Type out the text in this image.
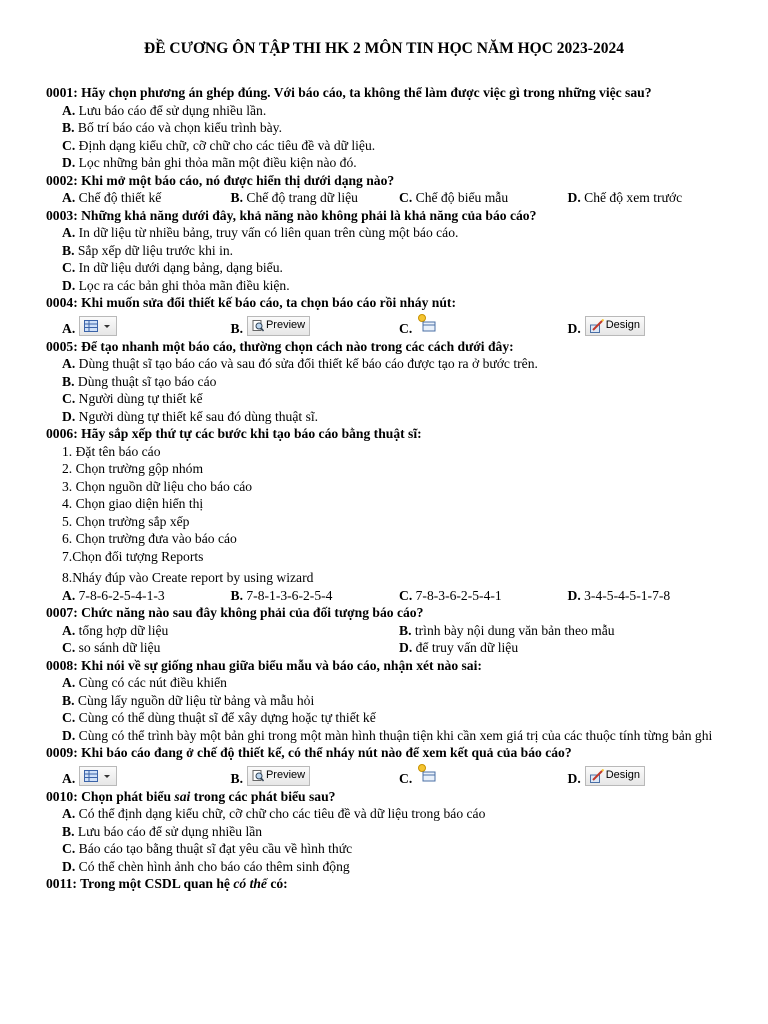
ĐỀ CƯƠNG ÔN TẬP THI HK 2 MÔN TIN HỌC NĂM HỌC 2023-2024
0001: Hãy chọn phương án ghép đúng. Với báo cáo, ta không thể làm được việc gì trong những việc sau?
A. Lưu báo cáo để sử dụng nhiều lần.
B. Bố trí báo cáo và chọn kiểu trình bày.
C. Định dạng kiểu chữ, cỡ chữ cho các tiêu đề và dữ liệu.
D. Lọc những bản ghi thỏa mãn một điều kiện nào đó.
0002: Khi mở một báo cáo, nó được hiển thị dưới dạng nào?
A. Chế độ thiết kế	B. Chế độ trang dữ liệu	C. Chế độ biểu mẫu	D. Chế độ xem trước
0003: Những khả năng dưới đây, khả năng nào không phải là khả năng của báo cáo?
A. In dữ liệu từ nhiều bảng, truy vấn có liên quan trên cùng một báo cáo.
B. Sắp xếp dữ liệu trước khi in.
C. In dữ liệu dưới dạng bảng, dạng biểu.
D. Lọc ra các bản ghi thỏa mãn điều kiện.
0004: Khi muốn sửa đổi thiết kế báo cáo, ta chọn báo cáo rồi nháy nút:
A.	B. Preview	C.	D. Design
0005: Để tạo nhanh một báo cáo, thường chọn cách nào trong các cách dưới đây:
A. Dùng thuật sĩ tạo báo cáo và sau đó sửa đổi thiết kế báo cáo được tạo ra ở bước trên.
B. Dùng thuật sĩ tạo báo cáo
C. Người dùng tự thiết kế
D. Người dùng tự thiết kế sau đó dùng thuật sĩ.
0006: Hãy sắp xếp thứ tự các bước khi tạo báo cáo bằng thuật sĩ:
1. Đặt tên báo cáo
2. Chọn trường gộp nhóm
3. Chọn nguồn dữ liệu cho báo cáo
4. Chọn giao diện hiển thị
5. Chọn trường sắp xếp
6. Chọn trường đưa vào báo cáo
7.Chọn đối tượng Reports
8.Nháy đúp vào Create report by using wizard
A. 7-8-6-2-5-4-1-3	B. 7-8-1-3-6-2-5-4	C. 7-8-3-6-2-5-4-1	D. 3-4-5-4-5-1-7-8
0007: Chức năng nào sau đây không phải của đối tượng báo cáo?
A. tổng hợp dữ liệu	B. trình bày nội dung văn bản theo mẫu
C. so sánh dữ liệu	D. để truy vấn dữ liệu
0008: Khi nói về sự giống nhau giữa biểu mẫu và báo cáo, nhận xét nào sai:
A. Cùng có các nút điều khiển
B. Cùng lấy nguồn dữ liệu từ bảng và mẫu hỏi
C. Cùng có thể dùng thuật sĩ để xây dựng hoặc tự thiết kế
D. Cùng có thể trình bày một bản ghi trong một màn hình thuận tiện khi cần xem giá trị của các thuộc tính từng bản ghi
0009: Khi báo cáo đang ở chế độ thiết kế, có thể nháy nút nào để xem kết quả của báo cáo?
A.	B. Preview	C.	D. Design
0010: Chọn phát biểu sai trong các phát biểu sau?
A. Có thể định dạng kiểu chữ, cỡ chữ cho các tiêu đề và dữ liệu trong báo cáo
B. Lưu báo cáo để sử dụng nhiều lần
C. Báo cáo tạo bằng thuật sĩ đạt yêu cầu về hình thức
D. Có thể chèn hình ảnh cho báo cáo thêm sinh động
0011: Trong một CSDL quan hệ có thể có:
